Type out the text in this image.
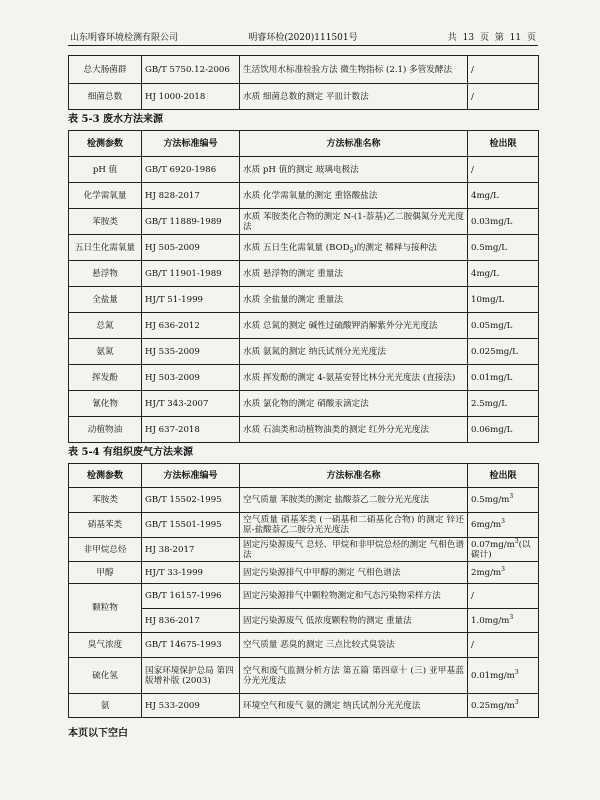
山东明睿环境检测有限公司	明睿环检(2020)111501号	共 13 页 第 11 页
总大肠菌群	GB/T 5750.12-2006	生活饮用水标准检验方法 微生物指标 (2.1) 多管发酵法	/
细菌总数	HJ 1000-2018	水质 细菌总数的测定 平皿计数法	/
表 5-3 废水方法来源
检测参数	方法标准编号	方法标准名称	检出限
pH 值	GB/T 6920-1986	水质 pH 值的测定 玻璃电极法	/
化学需氧量	HJ 828-2017	水质 化学需氧量的测定 重铬酸盐法	4mg/L
苯胺类	GB/T 11889-1989	水质 苯胺类化合物的测定 N-(1-萘基)乙二胺偶氮分光光度法	0.03mg/L
五日生化需氧量	HJ 505-2009	水质 五日生化需氧量 $(BOD_5)$的测定 稀释与接种法	0.5mg/L
悬浮物	GB/T 11901-1989	水质 悬浮物的测定 重量法	4mg/L
全盐量	HJ/T 51-1999	水质 全盐量的测定 重量法	10mg/L
总氮	HJ 636-2012	水质 总氮的测定 碱性过硫酸钾消解紫外分光光度法	0.05mg/L
氨氮	HJ 535-2009	水质 氨氮的测定 纳氏试剂分光光度法	0.025mg/L
挥发酚	HJ 503-2009	水质 挥发酚的测定 4-氨基安替比林分光光度法 (直接法)	0.01mg/L
氰化物	HJ/T 343-2007	水质 氯化物的测定 硝酸汞滴定法	2.5mg/L
动植物油	HJ 637-2018	水质 石油类和动植物油类的测定 红外分光光度法	0.06mg/L
表 5-4 有组织废气方法来源
检测参数	方法标准编号	方法标准名称	检出限
苯胺类	GB/T 15502-1995	空气质量 苯胺类的测定 盐酸萘乙二胺分光光度法	$0.5mg/m^3$
硝基苯类	GB/T 15501-1995	空气质量 硝基苯类 (一硝基和二硝基化合物) 的测定 锌还原-盐酸萘乙二胺分光光度法	$6mg/m^3$
非甲烷总烃	HJ 38-2017	固定污染源废气 总烃、甲烷和非甲烷总烃的测定 气相色谱法	$0.07mg/m^3$(以碳计)
甲醇	HJ/T 33-1999	固定污染源排气中甲醇的测定 气相色谱法	$2mg/m^3$
颗粒物	GB/T 16157-1996	固定污染源排气中颗粒物测定和气态污染物采样方法	/
	HJ 836-2017	固定污染源废气 低浓度颗粒物的测定 重量法	$1.0mg/m^3$
臭气浓度	GB/T 14675-1993	空气质量 恶臭的测定 三点比较式臭袋法	/
硫化氢	国家环境保护总局 第四版增补版 (2003)	空气和废气监测分析方法 第五篇 第四章十 (三) 亚甲基蓝分光光度法	$0.01mg/m^3$
氨	HJ 533-2009	环境空气和废气 氨的测定 纳氏试剂分光光度法	$0.25mg/m^3$
本页以下空白
